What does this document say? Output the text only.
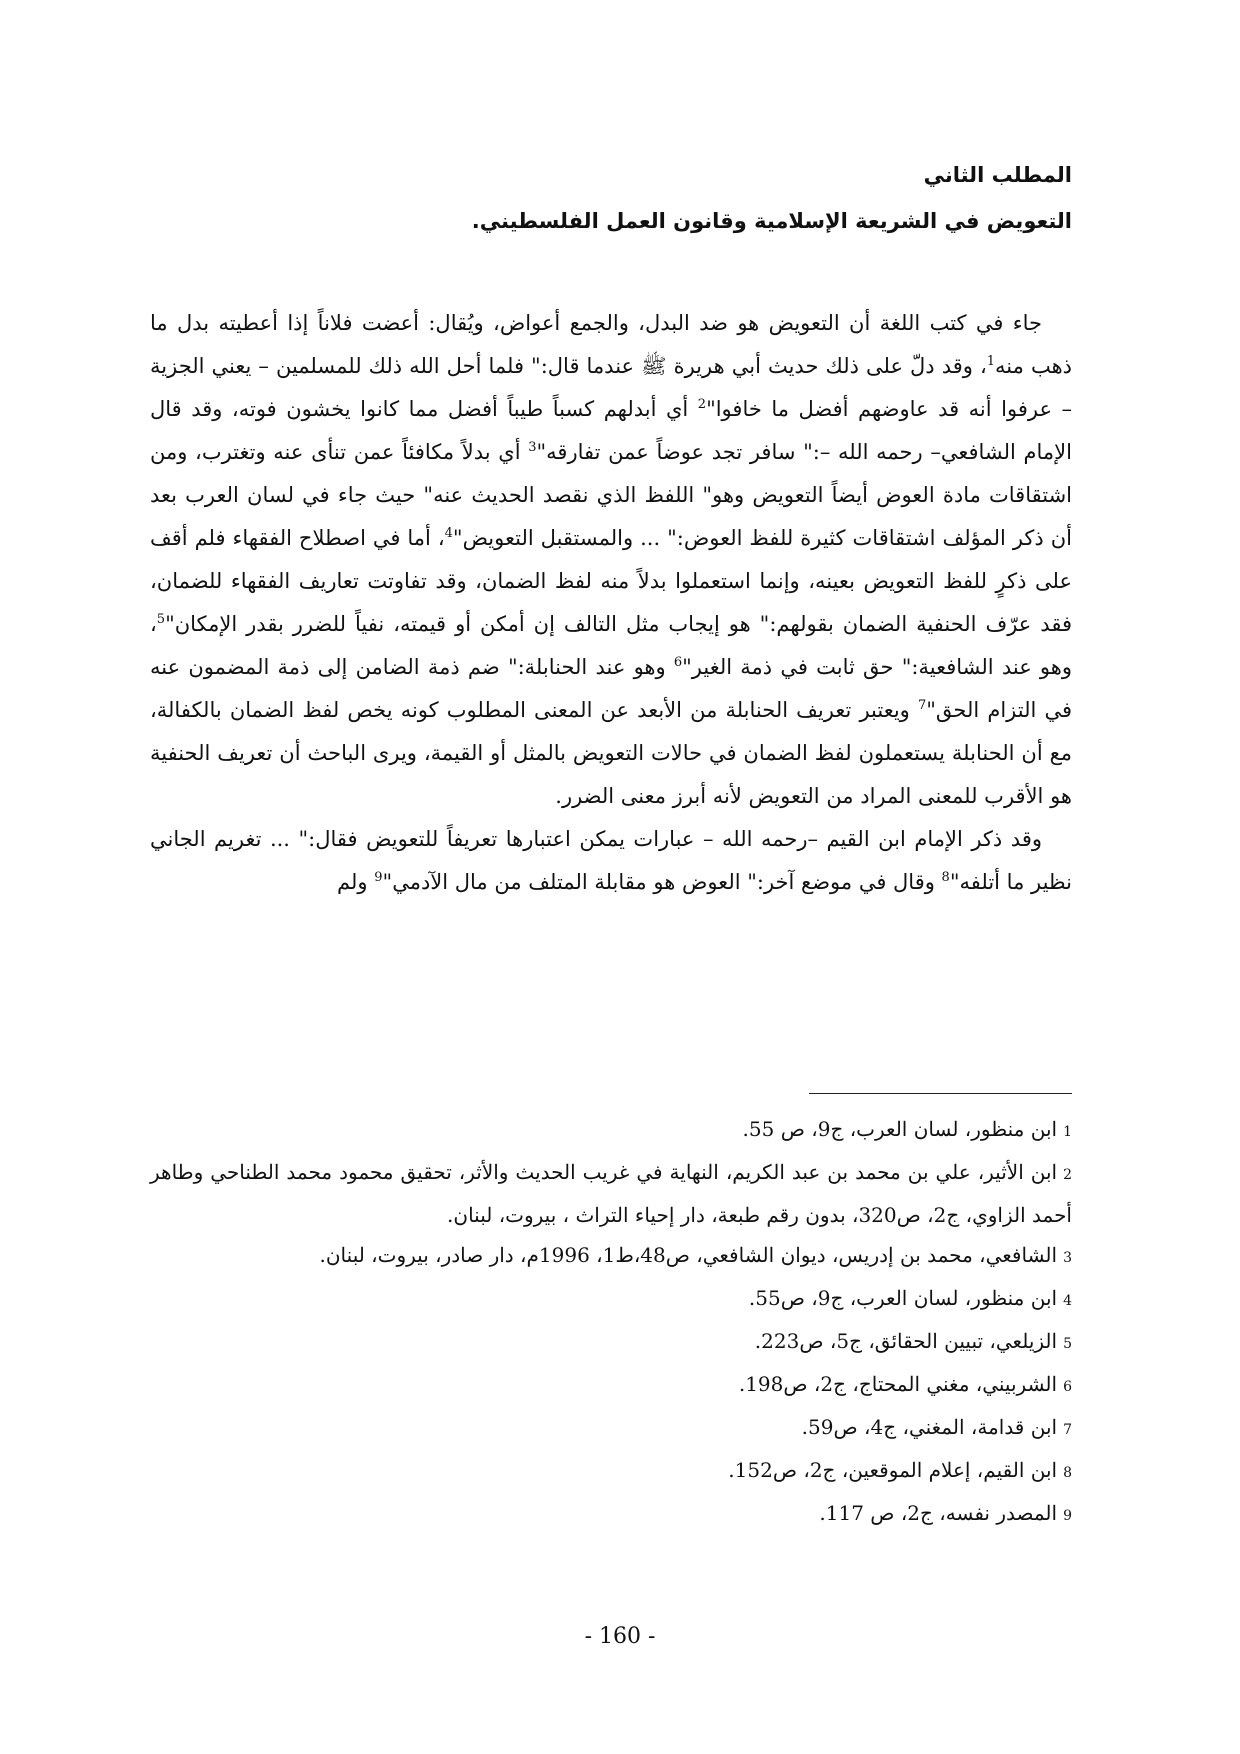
المطلب الثاني
التعويض في الشريعة الإسلامية وقانون العمل الفلسطيني.

جاء في كتب اللغة أن التعويض هو ضد البدل، والجمع أعواض، ويُقال: أعضت فلاناً إذا أعطيته بدل ما ذهب منه$^1$، وقد دلّ على ذلك حديث أبي هريرة ﷺ عندما قال:" فلما أحل الله ذلك للمسلمين – يعني الجزية – عرفوا أنه قد عاوضهم أفضل ما خافوا"$^2$ أي أبدلهم كسباً طيباً أفضل مما كانوا يخشون فوته، وقد قال الإمام الشافعي– رحمه الله –:" سافر تجد عوضاً عمن تفارقه"$^3$ أي بدلاً مكافئاً عمن تنأى عنه وتغترب، ومن اشتقاقات مادة العوض أيضاً التعويض وهو" اللفظ الذي نقصد الحديث عنه" حيث جاء في لسان العرب بعد أن ذكر المؤلف اشتقاقات كثيرة للفظ العوض:" ... والمستقبل التعويض"$^4$، أما في اصطلاح الفقهاء فلم أقف على ذكرٍ للفظ التعويض بعينه، وإنما استعملوا بدلاً منه لفظ الضمان، وقد تفاوتت تعاريف الفقهاء للضمان، فقد عرّف الحنفية الضمان بقولهم:" هو إيجاب مثل التالف إن أمكن أو قيمته، نفياً للضرر بقدر الإمكان"$^5$، وهو عند الشافعية:" حق ثابت في ذمة الغير"$^6$ وهو عند الحنابلة:" ضم ذمة الضامن إلى ذمة المضمون عنه في التزام الحق"$^7$ ويعتبر تعريف الحنابلة من الأبعد عن المعنى المطلوب كونه يخص لفظ الضمان بالكفالة، مع أن الحنابلة يستعملون لفظ الضمان في حالات التعويض بالمثل أو القيمة، ويرى الباحث أن تعريف الحنفية هو الأقرب للمعنى المراد من التعويض لأنه أبرز معنى الضرر.

وقد ذكر الإمام ابن القيم –رحمه الله – عبارات يمكن اعتبارها تعريفاً للتعويض فقال:" ... تغريم الجاني نظير ما أتلفه"$^8$ وقال في موضع آخر:" العوض هو مقابلة المتلف من مال الآدمي"$^9$ ولم

1ابن منظور، لسان العرب، ج9، ص 55.

2ابن الأثير، علي بن محمد بن عبد الكريم، النهاية في غريب الحديث والأثر، تحقيق محمود محمد الطناحي وطاهر أحمد الزاوي، ج2، ص320، بدون رقم طبعة، دار إحياء التراث ، بيروت، لبنان.

3الشافعي، محمد بن إدريس، ديوان الشافعي، ص48،ط1، 1996م، دار صادر، بيروت، لبنان.

4ابن منظور، لسان العرب، ج9، ص55.

5الزيلعي، تبيين الحقائق، ج5، ص223.

6الشربيني، مغني المحتاج، ج2، ص198.

7ابن قدامة، المغني، ج4، ص59.

8ابن القيم، إعلام الموقعين، ج2، ص152.

9المصدر نفسه، ج2، ص 117.

- 160 -
